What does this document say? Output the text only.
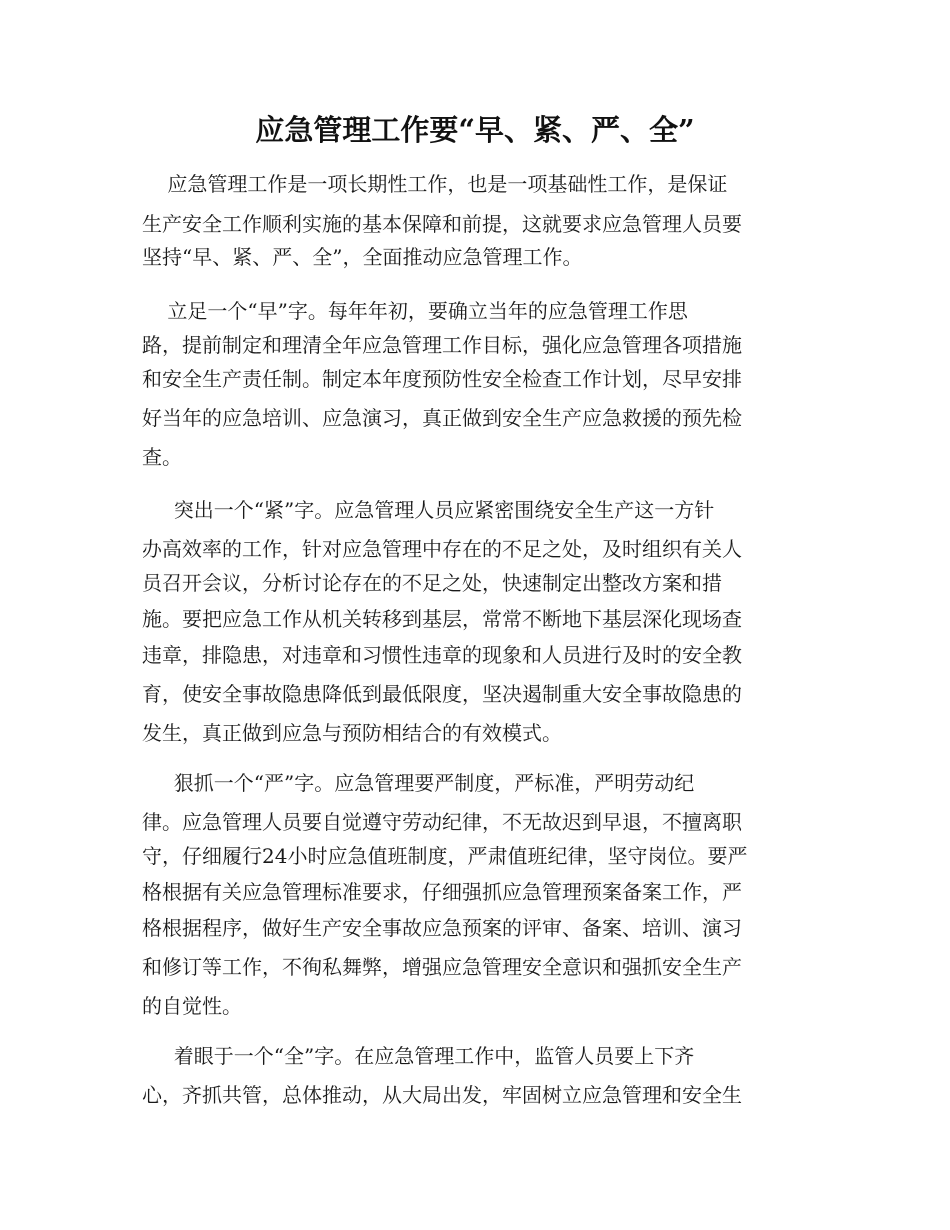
应急管理工作要“早、紧、严、全”
应急管理工作是一项长期性工作，也是一项基础性工作，是保证
生产安全工作顺利实施的基本保障和前提，这就要求应急管理人员要
坚持“早、紧、严、全”，全面推动应急管理工作。
立足一个“早”字。每年年初，要确立当年的应急管理工作思
路，提前制定和理清全年应急管理工作目标，强化应急管理各项措施
和安全生产责任制。制定本年度预防性安全检查工作计划，尽早安排
好当年的应急培训、应急演习，真正做到安全生产应急救援的预先检
查。
突出一个“紧”字。应急管理人员应紧密围绕安全生产这一方针
办高效率的工作，针对应急管理中存在的不足之处，及时组织有关人
员召开会议，分析讨论存在的不足之处，快速制定出整改方案和措
施。要把应急工作从机关转移到基层，常常不断地下基层深化现场查
违章，排隐患，对违章和习惯性违章的现象和人员进行及时的安全教
育，使安全事故隐患降低到最低限度，坚决遏制重大安全事故隐患的
发生，真正做到应急与预防相结合的有效模式。
狠抓一个“严”字。应急管理要严制度，严标准，严明劳动纪
律。应急管理人员要自觉遵守劳动纪律，不无故迟到早退，不擅离职
守，仔细履行24小时应急值班制度，严肃值班纪律，坚守岗位。要严
格根据有关应急管理标准要求，仔细强抓应急管理预案备案工作，严
格根据程序，做好生产安全事故应急预案的评审、备案、培训、演习
和修订等工作，不徇私舞弊，增强应急管理安全意识和强抓安全生产
的自觉性。
着眼于一个“全”字。在应急管理工作中，监管人员要上下齐
心，齐抓共管，总体推动，从大局出发，牢固树立应急管理和安全生
